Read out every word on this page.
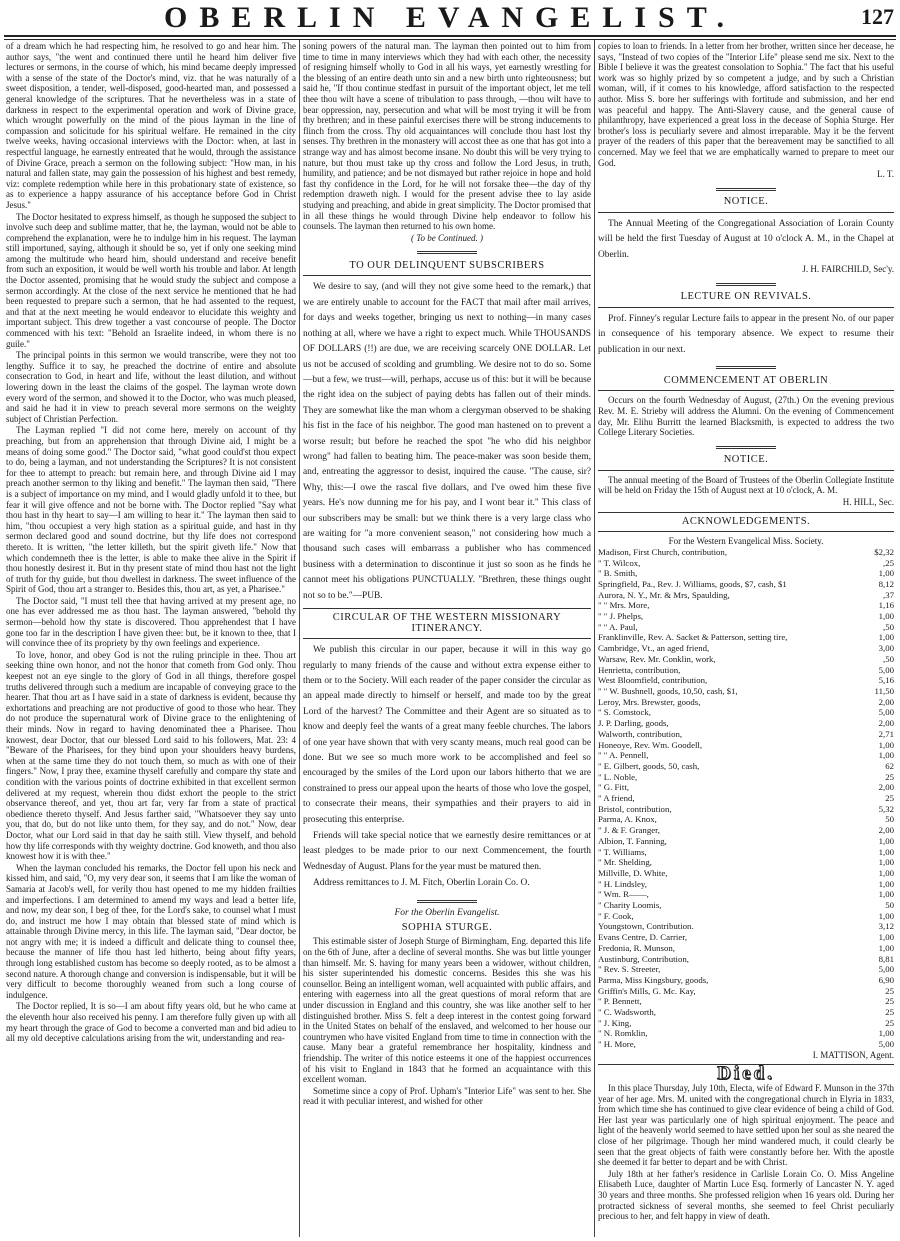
OBERLIN EVANGELIST.	127

of a dream which he had respecting him, he resolved to go and hear him. The author says, "the went and continued there until he heard him deliver five lectures or sermons, in the course of which, his mind became deeply impressed with a sense of the state of the Doctor's mind, viz. that he was naturally of a sweet disposition, a tender, well-disposed, good-hearted man, and possessed a general knowledge of the scriptures. That he nevertheless was in a state of darkness in respect to the experimental operation and work of Divine grace, which wrought powerfully on the mind of the pious layman in the line of compassion and solicitude for his spiritual welfare. He remained in the city twelve weeks, having occasional interviews with the Doctor: when, at last in respectful language, he earnestly entreated that he would, through the assistance of Divine Grace, preach a sermon on the following subject: "How man, in his natural and fallen state, may gain the possession of his highest and best remedy, viz: complete redemption while here in this probationary state of existence, so as to experience a happy assurance of his acceptance before God in Christ Jesus."

The Doctor hesitated to express himself, as though he supposed the subject to involve such deep and sublime matter, that he, the layman, would not be able to comprehend the explanation, were he to indulge him in his request. The layman still importuned, saying, although it should be so, yet if only one seeking mind among the multitude who heard him, should understand and receive benefit from such an exposition, it would be well worth his trouble and labor. At length the Doctor assented, promising that he would study the subject and compose a sermon accordingly. At the close of the next service he mentioned that he had been requested to prepare such a sermon, that he had assented to the request, and that at the next meeting he would endeavor to elucidate this weighty and important subject. This drew together a vast concourse of people. The Doctor commenced with his text: "Behold an Israelite indeed, in whom there is no guile."

The principal points in this sermon we would transcribe, were they not too lengthy. Suffice it to say, he preached the doctrine of entire and absolute consecration to God, in heart and life, without the least dilution, and without lowering down in the least the claims of the gospel. The layman wrote down every word of the sermon, and showed it to the Doctor, who was much pleased, and said he had it in view to preach several more sermons on the weighty subject of Christian Perfection.

The Layman replied "I did not come here, merely on account of thy preaching, but from an apprehension that through Divine aid, I might be a means of doing some good." The Doctor said, "what good could'st thou expect to do, being a layman, and not understanding the Scriptures? It is not consistent for thee to attempt to preach: but remain here, and through Divine aid I may preach another sermon to thy liking and benefit." The layman then said, "There is a subject of importance on my mind, and I would gladly unfold it to thee, but fear it will give offence and not be borne with. The Doctor replied "Say what thou hast in thy heart to say—I am willing to hear it." The layman then said to him, "thou occupiest a very high station as a spiritual guide, and hast in thy sermon declared good and sound doctrine, but thy life does not correspond thereto. It is written, "the letter killeth, but the spirit giveth life." Now that which condemneth thee is the letter, is able to make thee alive in the Spirit if thou honestly desirest it. But in thy present state of mind thou hast not the light of truth for thy guide, but thou dwellest in darkness. The sweet influence of the Spirit of God, thou art a stranger to. Besides this, thou art, as yet, a Pharisee."

The Doctor said, "I must tell thee that having arrived at my present age, no one has ever addressed me as thou hast. The layman answered, "behold thy sermon—behold how thy state is discovered. Thou apprehendest that I have gone too far in the description I have given thee: but, be it known to thee, that I will convince thee of its propriety by thy own feelings and experience.

To love, honor, and obey God is not the ruling principle in thee. Thou art seeking thine own honor, and not the honor that cometh from God only. Thou keepest not an eye single to the glory of God in all things, therefore gospel truths delivered through such a medium are incapable of conveying grace to the hearer. That thou art as I have said in a state of darkness is evident, because thy exhortations and preaching are not productive of good to those who hear. They do not produce the supernatural work of Divine grace to the enlightening of their minds. Now in regard to having denominated thee a Pharisee. Thou knowest, dear Doctor, that our blessed Lord said to his followers, Mat. 23: 4 "Beware of the Pharisees, for they bind upon your shoulders heavy burdens, when at the same time they do not touch them, so much as with one of their fingers." Now, I pray thee, examine thyself carefully and compare thy state and condition with the various points of doctrine exhibited in that excellent sermon delivered at my request, wherein thou didst exhort the people to the strict observance thereof, and yet, thou art far, very far from a state of practical obedience thereto thyself. And Jesus farther said, "Whatsoever they say unto you, that do, but do not like unto them, for they say, and do not." Now, dear Doctor, what our Lord said in that day he saith still. View thyself, and behold how thy life corresponds with thy weighty doctrine. God knoweth, and thou also knowest how it is with thee."

When the layman concluded his remarks, the Doctor fell upon his neck and kissed him, and said, "O, my very dear son, it seems that I am like the woman of Samaria at Jacob's well, for verily thou hast opened to me my hidden frailties and imperfections. I am determined to amend my ways and lead a better life, and now, my dear son, I beg of thee, for the Lord's sake, to counsel what I must do, and instruct me how I may obtain that blessed state of mind which is attainable through Divine mercy, in this life. The layman said, "Dear doctor, be not angry with me; it is indeed a difficult and delicate thing to counsel thee, because the manner of life thou hast led hitherto, being about fifty years, through long established custom has become so deeply rooted, as to be almost a second nature. A thorough change and conversion is indispensable, but it will be very difficult to become thoroughly weaned from such a long course of indulgence.

The Doctor replied, It is so—I am about fifty years old, but he who came at the eleventh hour also received his penny. I am therefore fully given up with all my heart through the grace of God to become a converted man and bid adieu to all my old deceptive calculations arising from the wit, understanding and rea-

soning powers of the natural man. The layman then pointed out to him from time to time in many interviews which they had with each other, the necessity of resigning himself wholly to God in all his ways, yet earnestly wrestling for the blessing of an entire death unto sin and a new birth unto righteousness; but said he, "If thou continue stedfast in pursuit of the important object, let me tell thee thou wilt have a scene of tribulation to pass through, —thou wilt have to bear oppression, nay, persecution and what will be most trying it will be from thy brethren; and in these painful exercises there will be strong inducements to flinch from the cross. Thy old acquaintances will conclude thou hast lost thy senses. Thy brethren in the monastery will accost thee as one that has got into a strange way and has almost become insane. No doubt this will be very trying to nature, but thou must take up thy cross and follow the Lord Jesus, in truth, humility, and patience; and be not dismayed but rather rejoice in hope and hold fast thy confidence in the Lord, for he will not forsake thee—the day of thy redemption draweth nigh. I would for the present advise thee to lay aside studying and preaching, and abide in great simplicity. The Doctor promised that in all these things he would through Divine help endeavor to follow his counsels. The layman then returned to his own home.

( To be Continued. )
TO OUR DELINQUENT SUBSCRIBERS

We desire to say, (and will they not give some heed to the remark,) that we are entirely unable to account for the FACT that mail after mail arrives, for days and weeks together, bringing us next to nothing—in many cases nothing at all, where we have a right to expect much. While THOUSANDS OF DOLLARS (!!) are due, we are receiving scarcely ONE DOLLAR. Let us not be accused of scolding and grumbling. We desire not to do so. Some—but a few, we trust—will, perhaps, accuse us of this: but it will be because the right idea on the subject of paying debts has fallen out of their minds. They are somewhat like the man whom a clergyman observed to be shaking his fist in the face of his neighbor. The good man hastened on to prevent a worse result; but before he reached the spot "he who did his neighbor wrong" had fallen to beating him. The peace-maker was soon beside them, and, entreating the aggressor to desist, inquired the cause. "The cause, sir? Why, this:—I owe the rascal five dollars, and I've owed him these five years. He's now dunning me for his pay, and I wont bear it." This class of our subscribers may be small: but we think there is a very large class who are waiting for "a more convenient season," not considering how much a thousand such cases will embarrass a publisher who has commenced business with a determination to discontinue it just so soon as he finds he cannot meet his obligations PUNCTUALLY. "Brethren, these things ought not so to be."—PUB.

CIRCULAR OF THE WESTERN MISSIONARY ITINERANCY.

We publish this circular in our paper, because it will in this way go regularly to many friends of the cause and without extra expense either to them or to the Society. Will each reader of the paper consider the circular as an appeal made directly to himself or herself, and made too by the great Lord of the harvest? The Committee and their Agent are so situated as to know and deeply feel the wants of a great many feeble churches. The labors of one year have shown that with very scanty means, much real good can be done. But we see so much more work to be accomplished and feel so encouraged by the smiles of the Lord upon our labors hitherto that we are constrained to press our appeal upon the hearts of those who love the gospel, to consecrate their means, their sympathies and their prayers to aid in prosecuting this enterprise.

Friends will take special notice that we earnestly desire remittances or at least pledges to be made prior to our next Commencement, the fourth Wednesday of August. Plans for the year must be matured then.

Address remittances to J. M. Fitch, Oberlin Lorain Co. O.

For the Oberlin Evangelist.
SOPHIA STURGE.

This estimable sister of Joseph Sturge of Birmingham, Eng. departed this life on the 6th of June, after a decline of several months. She was but little younger than himself. Mr. S. having for many years been a widower, without children, his sister superintended his domestic concerns. Besides this she was his counsellor. Being an intelligent woman, well acquainted with public affairs, and entering with eagerness into all the great questions of moral reform that are under discussion in England and this country, she was like another self to her distinguished brother. Miss S. felt a deep interest in the contest going forward in the United States on behalf of the enslaved, and welcomed to her house our countrymen who have visited England from time to time in connection with the cause. Many bear a grateful remembrance her hospitality, kindness and friendship. The writer of this notice esteems it one of the happiest occurrences of his visit to England in 1843 that he formed an acquaintance with this excellent woman.

Sometime since a copy of Prof. Upham's "Interior Life" was sent to her. She read it with peculiar interest, and wished for other

copies to loan to friends. In a letter from her brother, written since her decease, he says, "Instead of two copies of the "Interior Life" please send me six. Next to the Bible I believe it was the greatest consolation to Sophia." The fact that his useful work was so highly prized by so competent a judge, and by such a Christian woman, will, if it comes to his knowledge, afford satisfaction to the respected author. Miss S. bore her sufferings with fortitude and submission, and her end was peaceful and happy. The Anti-Slavery cause, and the general cause of philanthropy, have experienced a great loss in the decease of Sophia Sturge. Her brother's loss is peculiarly severe and almost irreparable. May it be the fervent prayer of the readers of this paper that the bereavement may be sanctified to all concerned. May we feel that we are emphatically warned to prepare to meet our God.

L. T.
NOTICE.

The Annual Meeting of the Congregational Association of Lorain County will be held the first Tuesday of August at 10 o'clock A. M., in the Chapel at Oberlin.

J. H. FAIRCHILD, Sec'y.
LECTURE ON REVIVALS.

Prof. Finney's regular Lecture fails to appear in the present No. of our paper in consequence of his temporary absence. We expect to resume their publication in our next.

COMMENCEMENT AT OBERLIN

Occurs on the fourth Wednesday of August, (27th.) On the evening previous Rev. M. E. Strieby will address the Alumni. On the evening of Commencement day, Mr. Elihu Burritt the learned Blacksmith, is expected to address the two College Literary Societies.

NOTICE.

The annual meeting of the Board of Trustees of the Oberlin Collegiate Institute will be held on Friday the 15th of August next at 10 o'clock, A. M.

H. HILL, Sec.
ACKNOWLEDGEMENTS.
For the Western Evangelical Miss. Society.
Madison, First Church, contribution,	$2,32
" T. Wilcox,	,25
" B. Smith,	1,00
Springfield, Pa., Rev. J. Williams, goods, $7, cash, $1	8,12
Aurora, N. Y., Mr. & Mrs, Spaulding,	,37
" " Mrs. More,	1,16
" " J. Phelps,	1,00
" " A. Paul,	,50
Franklinville, Rev. A. Sacket & Patterson, setting tire,	1,00
Cambridge, Vt., an aged friend,	3,00
Warsaw, Rev. Mr. Conklin, work,	,50
Henrietta, contribution,	5,00
West Bloomfield, contribution,	5,16
" " W. Bushnell, goods, 10,50, cash, $1,	11,50
Leroy, Mrs. Brewster, goods,	2,00
" S. Comstock,	5,00
J. P. Darling, goods,	2,00
Walworth, contribution,	2,71
Honeoye, Rev. Wm. Goodell,	1,00
" " A. Pennell,	1,00
" E. Gilbert, goods, 50, cash,	62
" L. Noble,	25
" G. Fitt,	2,00
" A friend,	25
Bristol, contribution,	5,32
Parma, A. Knox,	50
" J. & F. Granger,	2,00
Albion, T. Fanning,	1,00
" T. Williams,	1,00
" Mr. Shelding,	1,00
Millville, D. White,	1,00
" H. Lindsley,	1,00
" Wm. R——,	1,00
" Charity Loomis,	50
" F. Cook,	1,00
Youngstown, Contribution.	3,12
Evans Centre, D. Carrier,	1,00
Fredonia, R. Munson,	1,00
Austinburg, Contribution,	8,81
" Rev. S. Streeter,	5,00
Parma, Miss Kingsbury, goods,	6,90
Griffin's Mills, G. Mc. Kay,	25
" P. Bennett,	25
" C. Wadsworth,	25
" J. King,	25
" N. Romklin,	1,00
" H. More,	5,00
I. MATTISON, Agent.
Died.

In this place Thursday, July 10th, Electa, wife of Edward F. Munson in the 37th year of her age. Mrs. M. united with the congregational church in Elyria in 1833, from which time she has continued to give clear evidence of being a child of God. Her last year was particularly one of high spiritual enjoyment. The peace and light of the heavenly world seemed to have settled upon her soul as she neared the close of her pilgrimage. Though her mind wandered much, it could clearly be seen that the great objects of faith were constantly before her. With the apostle she deemed it far better to depart and be with Christ.

July 18th at her father's residence in Carlisle Lorain Co. O. Miss Angeline Elisabeth Luce, daughter of Martin Luce Esq. formerly of Lancaster N. Y. aged 30 years and three months. She professed religion when 16 years old. During her protracted sickness of several months, she seemed to feel Christ peculiarly precious to her, and felt happy in view of death.
